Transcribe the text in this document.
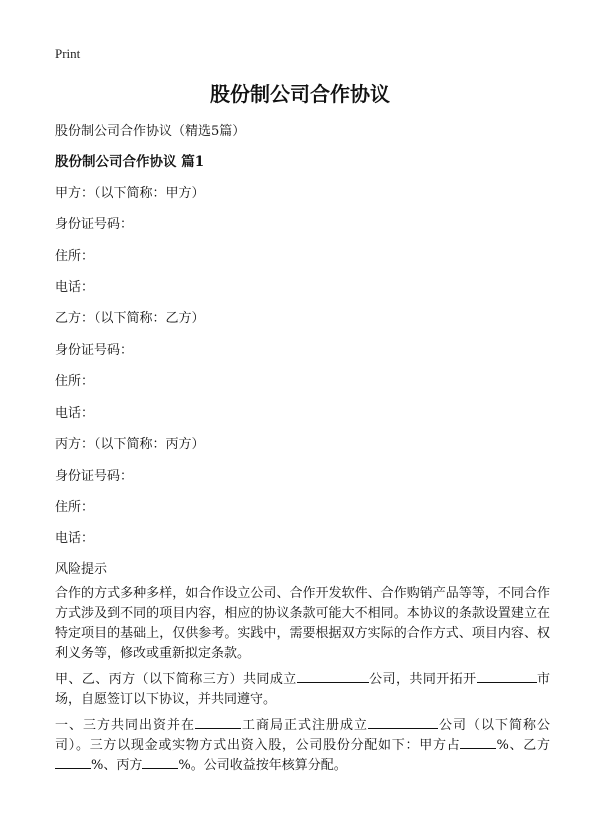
Print
股份制公司合作协议
股份制公司合作协议（精选5篇）
股份制公司合作协议 篇1
甲方：（以下简称：甲方）
身份证号码：
住所：
电话：
乙方：（以下简称：乙方）
身份证号码：
住所：
电话：
丙方：（以下简称：丙方）
身份证号码：
住所：
电话：
风险提示

合作的方式多种多样，如合作设立公司、合作开发软件、合作购销产品等等，不同合作方式涉及到不同的项目内容，相应的协议条款可能大不相同。本协议的条款设置建立在特定项目的基础上，仅供参考。实践中，需要根据双方实际的合作方式、项目内容、权利义务等，修改或重新拟定条款。

甲、乙、丙方（以下简称三方）共同成立	公司，共同开拓开	市场，自愿签订以下协议，并共同遵守。

一、三方共同出资并在	工商局正式注册成立	公司（以下简称公司）。三方以现金或实物方式出资入股，公司股份分配如下：甲方占	%、乙方%、丙方	%。公司收益按年核算分配。
